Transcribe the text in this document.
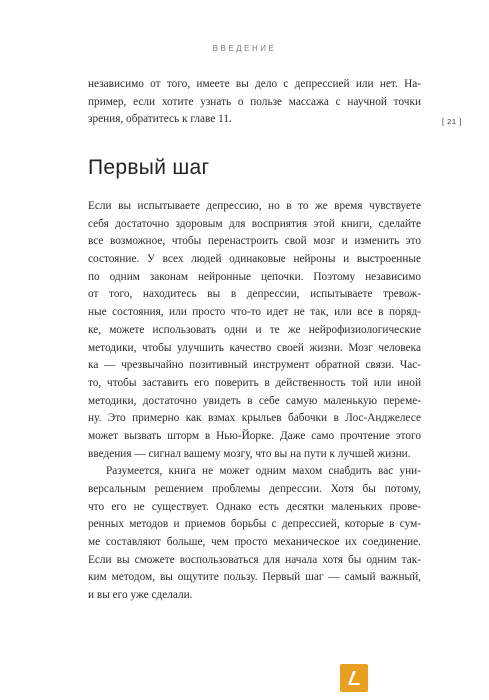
ВВЕДЕНИЕ
независимо от того, имеете вы дело с депрессией или нет. На-
пример, если хотите узнать о пользе массажа с научной точки
зрения, обратитесь к главе 11.	[ 21 ]
Первый шаг
Если вы испытываете депрессию, но в то же время чувствуете
себя достаточно здоровым для восприятия этой книги, сделайте
все возможное, чтобы перенастроить свой мозг и изменить это
состояние. У всех людей одинаковые нейроны и выстроенные
по одним законам нейронные цепочки. Поэтому независимо
от того, находитесь вы в депрессии, испытываете тревож-
ные состояния, или просто что-то идет не так, или все в поряд-
ке, можете использовать одни и те же нейрофизиологические
методики, чтобы улучшить качество своей жизни. Мозг человека
ка — чрезвычайно позитивный инструмент обратной связи. Час-
то, чтобы заставить его поверить в действенность той или иной
методики, достаточно увидеть в себе самую маленькую переме-
ну. Это примерно как взмах крыльев бабочки в Лос-Анджелесе
может вызвать шторм в Нью-Йорке. Даже само прочтение этого
введения — сигнал вашему мозгу, что вы на пути к лучшей жизни.
Разумеется, книга не может одним махом снабдить вас уни-
версальным решением проблемы депрессии. Хотя бы потому,
что его не существует. Однако есть десятки маленьких прове-
ренных методов и приемов борьбы с депрессией, которые в сум-
ме составляют больше, чем просто механическое их соединение.
Если вы сможете воспользоваться для начала хотя бы одним так-
ким методом, вы ощутите пользу. Первый шаг — самый важный,
и вы его уже сделали.
